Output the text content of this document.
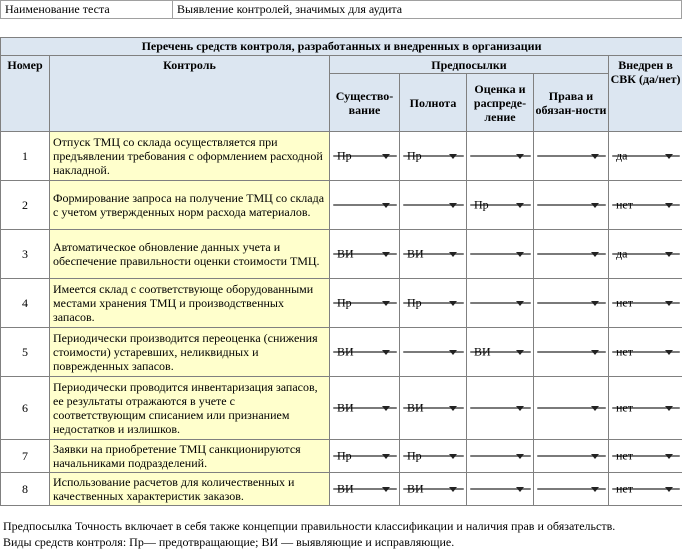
Наименование теста	Выявление контролей, значимых для аудита
Перечень средств контроля, разработанных и внедренных в организации						
Номер	Контроль	Предпосылки				Внедрен в СВК (да/нет)
		Существо-вание	Полнота	Оценка и распреде-ление	Права и обязан-ности	
1	Отпуск ТМЦ со склада осуществляется при предъявлении требования с оформлением расходной накладной.	Пр	Пр			да

2	Формирование запроса на получение ТМЦ со склада с учетом утвержденных норм расхода материалов.			Пр		нет

3	Автоматическое обновление данных учета и обеспечение правильности оценки стоимости ТМЦ.	ВИ	ВИ			да

4	Имеется склад с соответствующе оборудованными местами хранения ТМЦ и производственных запасов.	Пр	Пр			нет

5	Периодически производится переоценка (снижения стоимости) устаревших, неликвидных и поврежденных запасов.	ВИ		ВИ		нет

6	Периодически проводится инвентаризация запасов, ее результаты отражаются в учете с соответствующим списанием или признанием недостатков и излишков.	ВИ	ВИ			нет

7	Заявки на приобретение ТМЦ санкционируются начальниками подразделений.	Пр	Пр			нет

8	Использование расчетов для количественных и качественных характеристик заказов.	ВИ	ВИ			нет
Предпосылка Точность включает в себя также концепции правильности классификации и наличия прав и обязательств.
Виды средств контроля: Пр— предотвращающие; ВИ — выявляющие и исправляющие.
